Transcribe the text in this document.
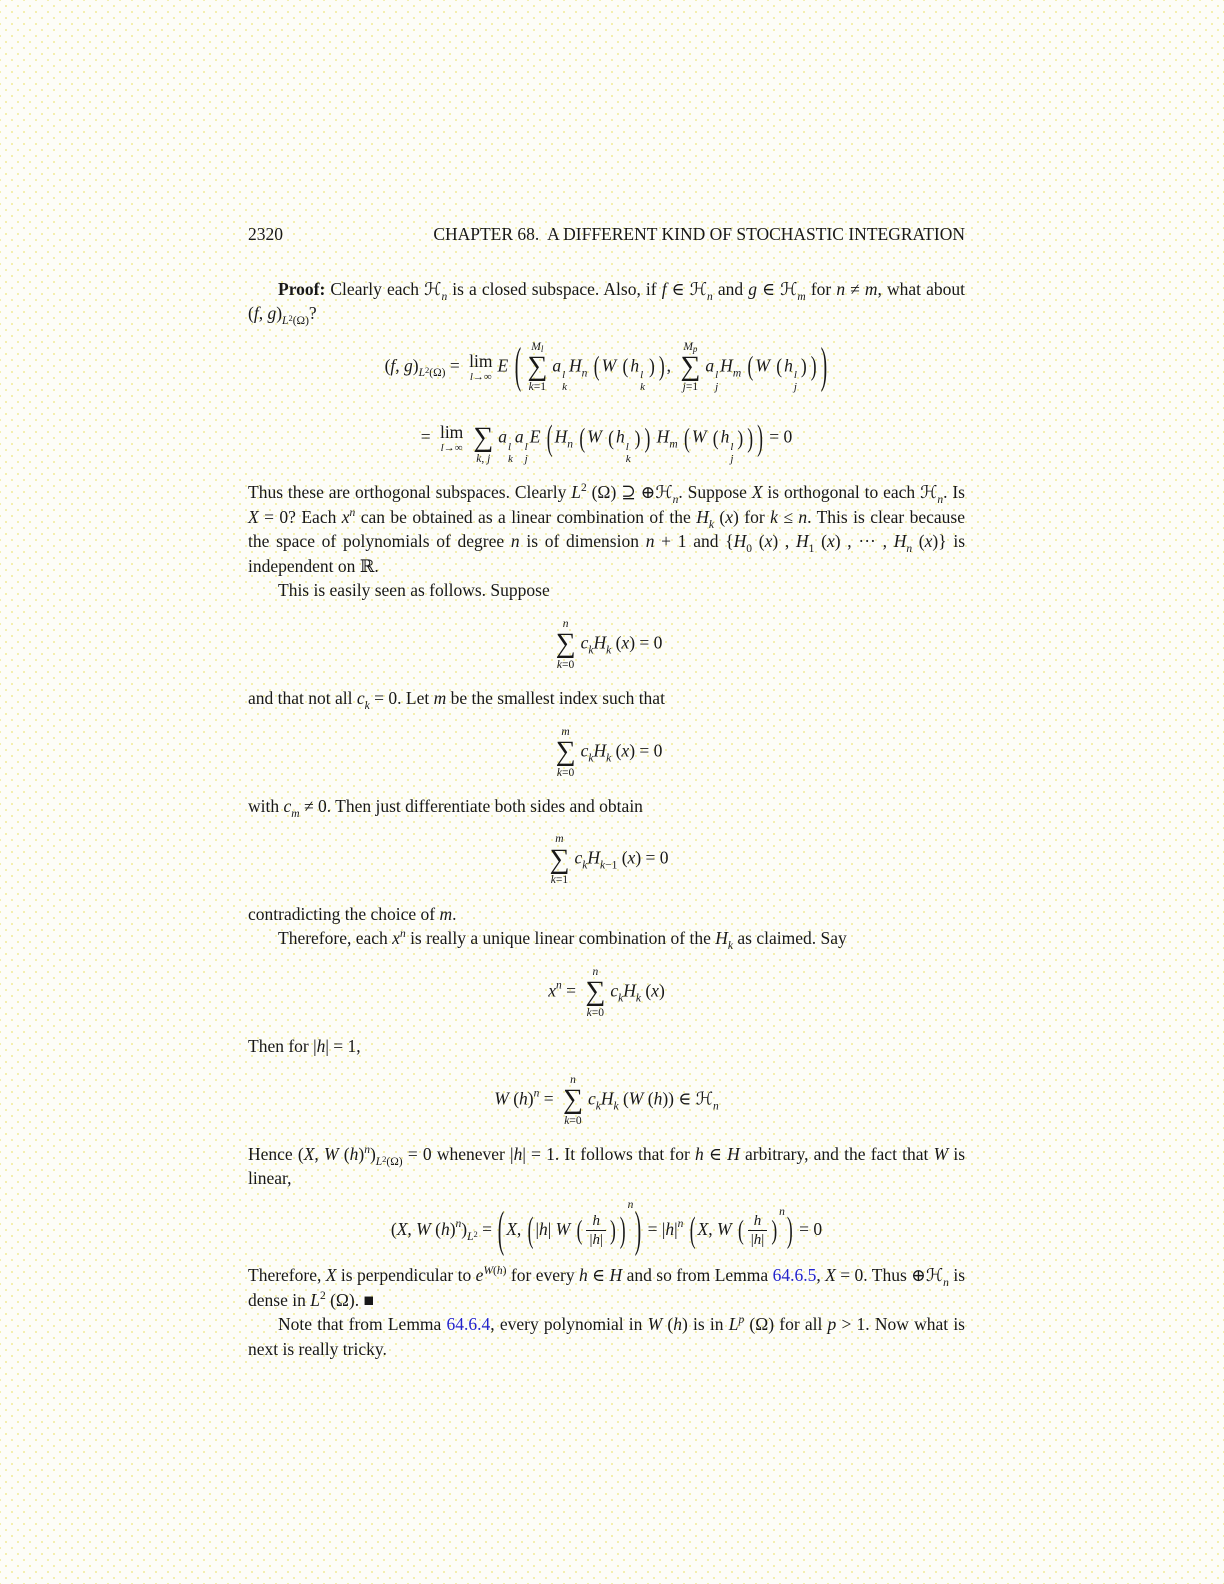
2320	CHAPTER 68.  A DIFFERENT KIND OF STOCHASTIC INTEGRATION

Proof: Clearly each ℋ$_n$ is a closed subspace. Also, if f ∈ ℋ$_n$ and g ∈ ℋ$_m$ for n ≠ m, what about (f, $g)_{L^2(\Omega)}$?

(f, $g)_{L^2(\Omega)} = \lim$
l→∞
E ( Ml
∑
k=1
a l
k
$H_n$ ( W ( h l
k
) ) ,
Mp
∑
j=1
a l
j
$H_m$ ( W ( h l
j
) ) )
= lim
l→∞
∑
k, j
a l
k
a l
j
E ( $H_n$ ( W ( h l
k
) ) $H_m$ ( W ( h l
j
) ) ) = 0

Thus these are orthogonal subspaces. Clearly $L^2$ (Ω) ⊇ ⊕ℋ$_n$. Suppose X is orthogonal to each ℋ$_n$. Is X = 0? Each $x^n$ can be obtained as a linear combination of the $H_k$ (x) for k ≤ n. This is clear because the space of polynomials of degree n is of dimension n + 1 and {$H_0$ (x) , $H_1$ (x) , ··· , $H_n$ (x)} is independent on ℝ.

This is easily seen as follows. Suppose

n
∑
k=0
$c_kH_k$ (x) = 0

and that not all $c_k = 0$. Let m be the smallest index such that

m
∑
k=0
$c_kH_k$ (x) = 0

with $c_m \ne 0$. Then just differentiate both sides and obtain

m
∑
k=1
$c_kH_{k-1}$ (x) = 0

contradicting the choice of m.

Therefore, each $x^n$ is really a unique linear combination of the $H_k$ as claimed. Say

$x^n$ =
n
∑
k=0
$c_kH_k$ (x)

Then for |h| = 1,

W $(h)^n$ =
n
∑
k=0
$c_kH_k$ (W (h)) ∈ ℋ$_n$

Hence (X, W $(h)^n)_{L^2(\Omega)} = 0$ whenever |h| = 1. It follows that for h ∈ H arbitrary, and the fact that W is linear,

(X, W $(h)^n)_{L^2} = (X$, ( |h| W ( $\frac{h}{|h|}$ ) )$^n) = |h|^n$ ( X, W ( $\frac{h}{|h|} )^n$ ) = 0

Therefore, X is perpendicular to $e^{W(h)}$ for every h ∈ H and so from Lemma 64.6.5, X = 0. Thus ⊕ℋ$_n$ is dense in $L^2$ (Ω). ■

Note that from Lemma 64.6.4, every polynomial in W (h) is in $L^p$ (Ω) for all p > 1. Now what is next is really tricky.
